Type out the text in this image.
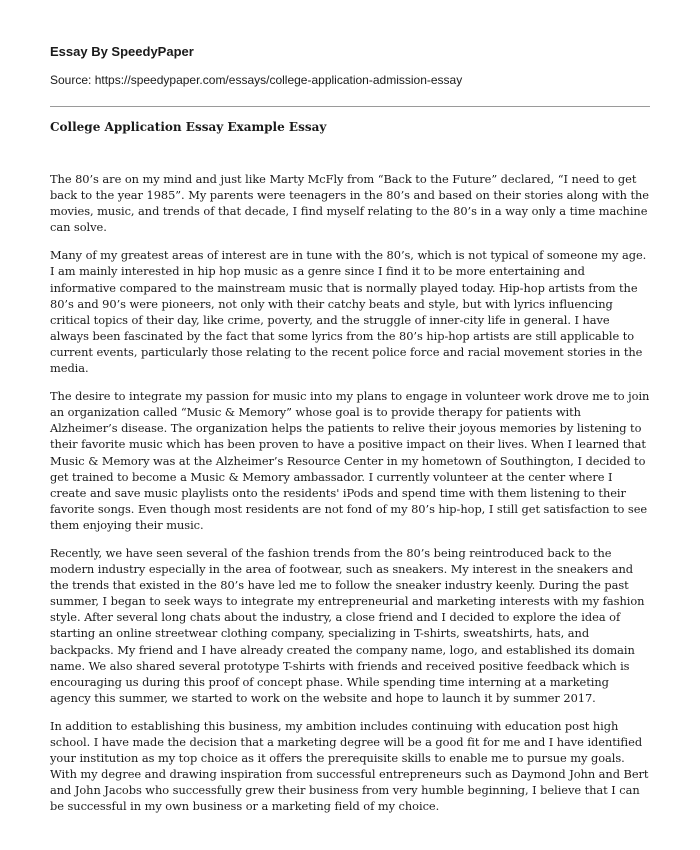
Essay By SpeedyPaper
Source: https://speedypaper.com/essays/college-application-admission-essay
College Application Essay Example Essay

The 80’s are on my mind and just like Marty McFly from “Back to the Future” declared, “I need to get back to the year 1985”. My parents were teenagers in the 80’s and based on their stories along with the movies, music, and trends of that decade, I find myself relating to the 80’s in a way only a time machine can solve.

Many of my greatest areas of interest are in tune with the 80’s, which is not typical of someone my age. I am mainly interested in hip hop music as a genre since I find it to be more entertaining and informative compared to the mainstream music that is normally played today. Hip-hop artists from the 80’s and 90’s were pioneers, not only with their catchy beats and style, but with lyrics influencing critical topics of their day, like crime, poverty, and the struggle of inner-city life in general. I have always been fascinated by the fact that some lyrics from the 80’s hip-hop artists are still applicable to current events, particularly those relating to the recent police force and racial movement stories in the media.

The desire to integrate my passion for music into my plans to engage in volunteer work drove me to join an organization called “Music & Memory” whose goal is to provide therapy for patients with Alzheimer’s disease. The organization helps the patients to relive their joyous memories by listening to their favorite music which has been proven to have a positive impact on their lives. When I learned that Music & Memory was at the Alzheimer’s Resource Center in my hometown of Southington, I decided to get trained to become a Music & Memory ambassador. I currently volunteer at the center where I create and save music playlists onto the residents' iPods and spend time with them listening to their favorite songs. Even though most residents are not fond of my 80’s hip-hop, I still get satisfaction to see them enjoying their music.

Recently, we have seen several of the fashion trends from the 80’s being reintroduced back to the modern industry especially in the area of footwear, such as sneakers. My interest in the sneakers and the trends that existed in the 80’s have led me to follow the sneaker industry keenly. During the past summer, I began to seek ways to integrate my entrepreneurial and marketing interests with my fashion style. After several long chats about the industry, a close friend and I decided to explore the idea of starting an online streetwear clothing company, specializing in T-shirts, sweatshirts, hats, and backpacks. My friend and I have already created the company name, logo, and established its domain name. We also shared several prototype T-shirts with friends and received positive feedback which is encouraging us during this proof of concept phase. While spending time interning at a marketing agency this summer, we started to work on the website and hope to launch it by summer 2017.

In addition to establishing this business, my ambition includes continuing with education post high school. I have made the decision that a marketing degree will be a good fit for me and I have identified your institution as my top choice as it offers the prerequisite skills to enable me to pursue my goals. With my degree and drawing inspiration from successful entrepreneurs such as Daymond John and Bert and John Jacobs who successfully grew their business from very humble beginning, I believe that I can be successful in my own business or a marketing field of my choice.
